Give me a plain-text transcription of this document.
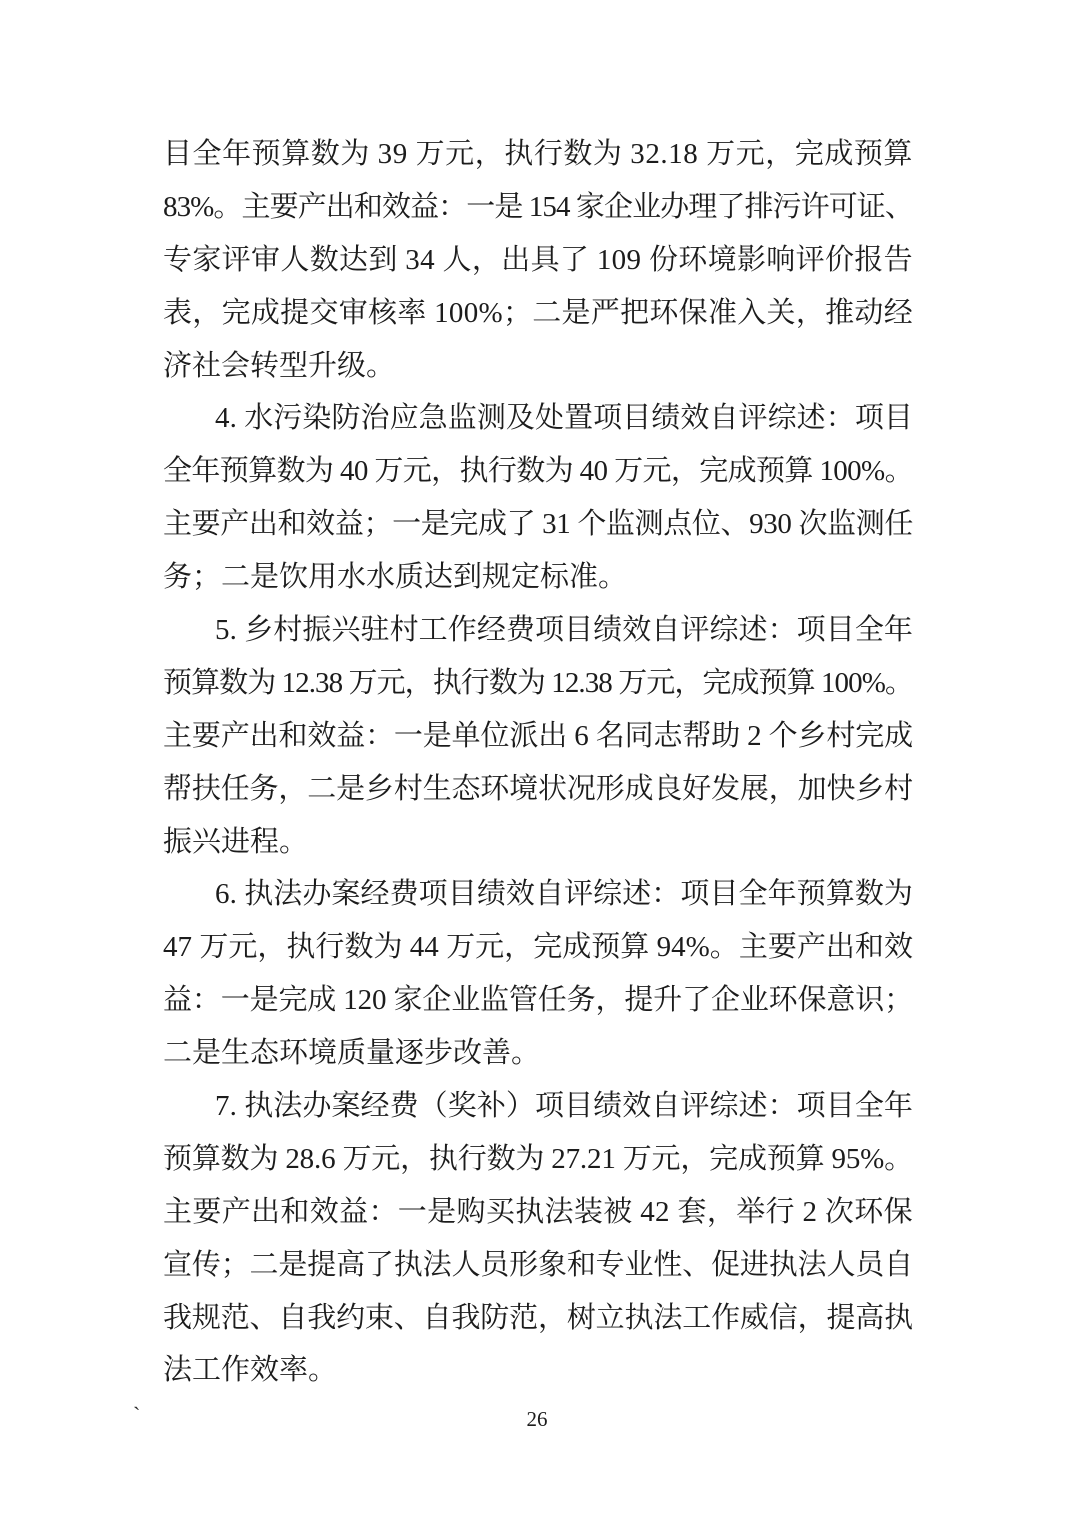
目全年预算数为 39 万元，执行数为 32.18 万元，完成预算
83%。主要产出和效益：一是 154 家企业办理了排污许可证、
专家评审人数达到 34 人，出具了 109 份环境影响评价报告
表，完成提交审核率 100%；二是严把环保准入关，推动经
济社会转型升级。
4. 水污染防治应急监测及处置项目绩效自评综述：项目
全年预算数为 40 万元，执行数为 40 万元，完成预算 100%。
主要产出和效益；一是完成了 31 个监测点位、930 次监测任
务；二是饮用水水质达到规定标准。
5. 乡村振兴驻村工作经费项目绩效自评综述：项目全年
预算数为 12.38 万元，执行数为 12.38 万元，完成预算 100%。
主要产出和效益：一是单位派出 6 名同志帮助 2 个乡村完成
帮扶任务，二是乡村生态环境状况形成良好发展，加快乡村
振兴进程。
6. 执法办案经费项目绩效自评综述：项目全年预算数为
47 万元，执行数为 44 万元，完成预算 94%。主要产出和效
益：一是完成 120 家企业监管任务，提升了企业环保意识；
二是生态环境质量逐步改善。
7. 执法办案经费（奖补）项目绩效自评综述：项目全年
预算数为 28.6 万元，执行数为 27.21 万元，完成预算 95%。
主要产出和效益：一是购买执法装被 42 套，举行 2 次环保
宣传；二是提高了执法人员形象和专业性、促进执法人员自
我规范、自我约束、自我防范，树立执法工作威信，提高执
法工作效率。
`	26
